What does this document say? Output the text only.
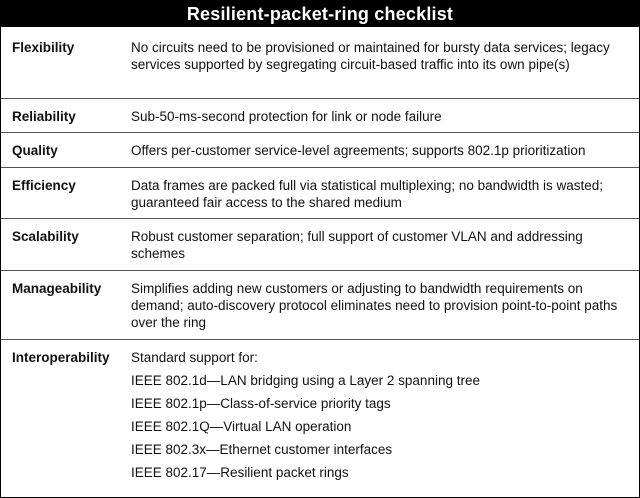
Resilient-packet-ring checklist
Flexibility	No circuits need to be provisioned or maintained for bursty data services; legacy services supported by segregating circuit-based traffic into its own pipe(s)
Reliability	Sub-50-ms-second protection for link or node failure
Quality	Offers per-customer service-level agreements; supports 802.1p prioritization
Efficiency	Data frames are packed full via statistical multiplexing; no bandwidth is wasted; guaranteed fair access to the shared medium
Scalability	Robust customer separation; full support of customer VLAN and addressing schemes
Manageability Simplifies adding new customers or adjusting to bandwidth requirements on demand; auto-discovery protocol eliminates need to provision point-to-point paths over the ring
Interoperability Standard support for:
IEEE 802.1d—LAN bridging using a Layer 2 spanning tree
IEEE 802.1p—Class-of-service priority tags
IEEE 802.1Q—Virtual LAN operation
IEEE 802.3x—Ethernet customer interfaces
IEEE 802.17—Resilient packet rings
